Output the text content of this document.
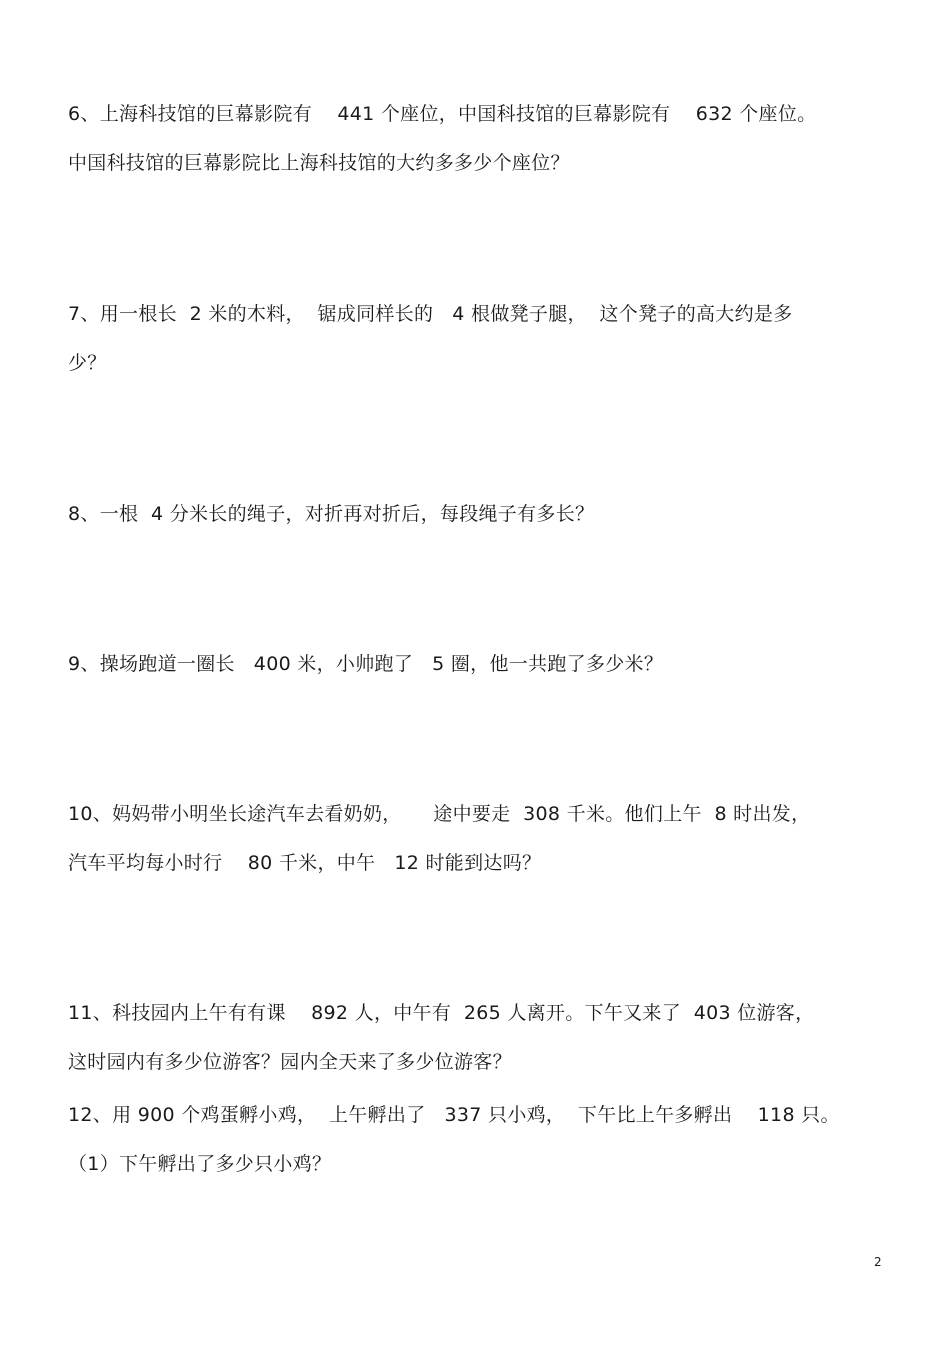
6、上海科技馆的巨幕影院有    441 个座位，中国科技馆的巨幕影院有    632 个座位。
中国科技馆的巨幕影院比上海科技馆的大约多多少个座位？
7、用一根长  2 米的木料，  锯成同样长的   4 根做凳子腿，  这个凳子的高大约是多
少？
8、一根  4 分米长的绳子，对折再对折后，每段绳子有多长？
9、操场跑道一圈长   400 米，小帅跑了   5 圈，他一共跑了多少米？
10、妈妈带小明坐长途汽车去看奶奶，     途中要走  308 千米。他们上午  8 时出发，
汽车平均每小时行    80 千米，中午   12 时能到达吗？
11、科技园内上午有有课    892 人，中午有  265 人离开。下午又来了  403 位游客，
这时园内有多少位游客？园内全天来了多少位游客？
12、用 900 个鸡蛋孵小鸡，  上午孵出了   337 只小鸡，  下午比上午多孵出    118 只。
（1）下午孵出了多少只小鸡？
2
